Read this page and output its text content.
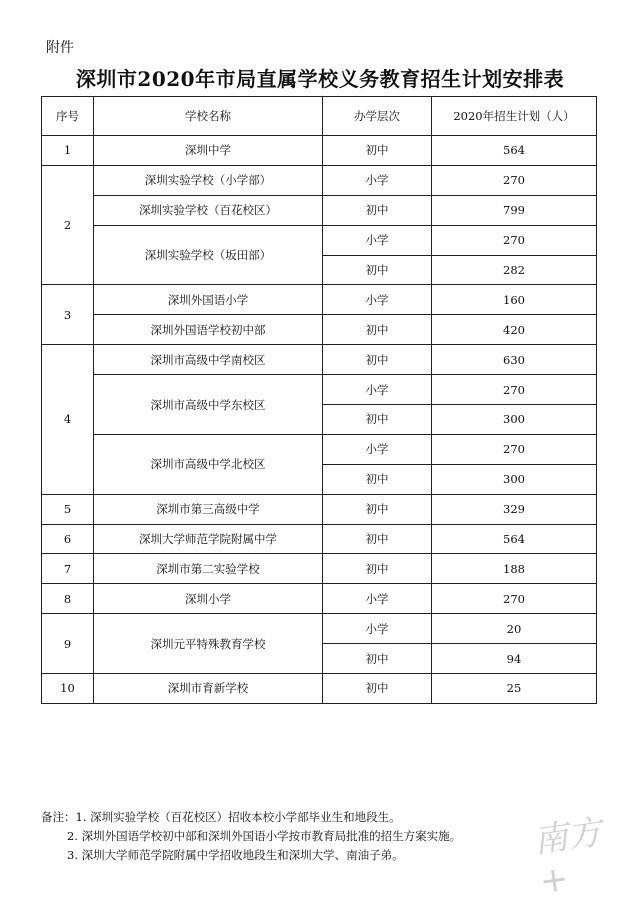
附件
深圳市2020年市局直属学校义务教育招生计划安排表
序号	学校名称	办学层次	2020年招生计划（人）
1	深圳中学	初中	564
2	深圳实验学校（小学部）	小学	270
	深圳实验学校（百花校区）	初中	799
	深圳实验学校（坂田部）	小学	270
		初中	282
3	深圳外国语小学	小学	160
	深圳外国语学校初中部	初中	420
4	深圳市高级中学南校区	初中	630
	深圳市高级中学东校区	小学	270
		初中	300
	深圳市高级中学北校区	小学	270
		初中	300
5	深圳市第三高级中学	初中	329
6	深圳大学师范学院附属中学	初中	564
7	深圳市第二实验学校	初中	188
8	深圳小学	小学	270
9	深圳元平特殊教育学校	小学	20
		初中	94
10	深圳市育新学校	初中	25
备注：1. 深圳实验学校（百花校区）招收本校小学部毕业生和地段生。
2. 深圳外国语学校初中部和深圳外国语小学按市教育局批准的招生方案实施。
3. 深圳大学师范学院附属中学招收地段生和深圳大学、南油子弟。	南方+
